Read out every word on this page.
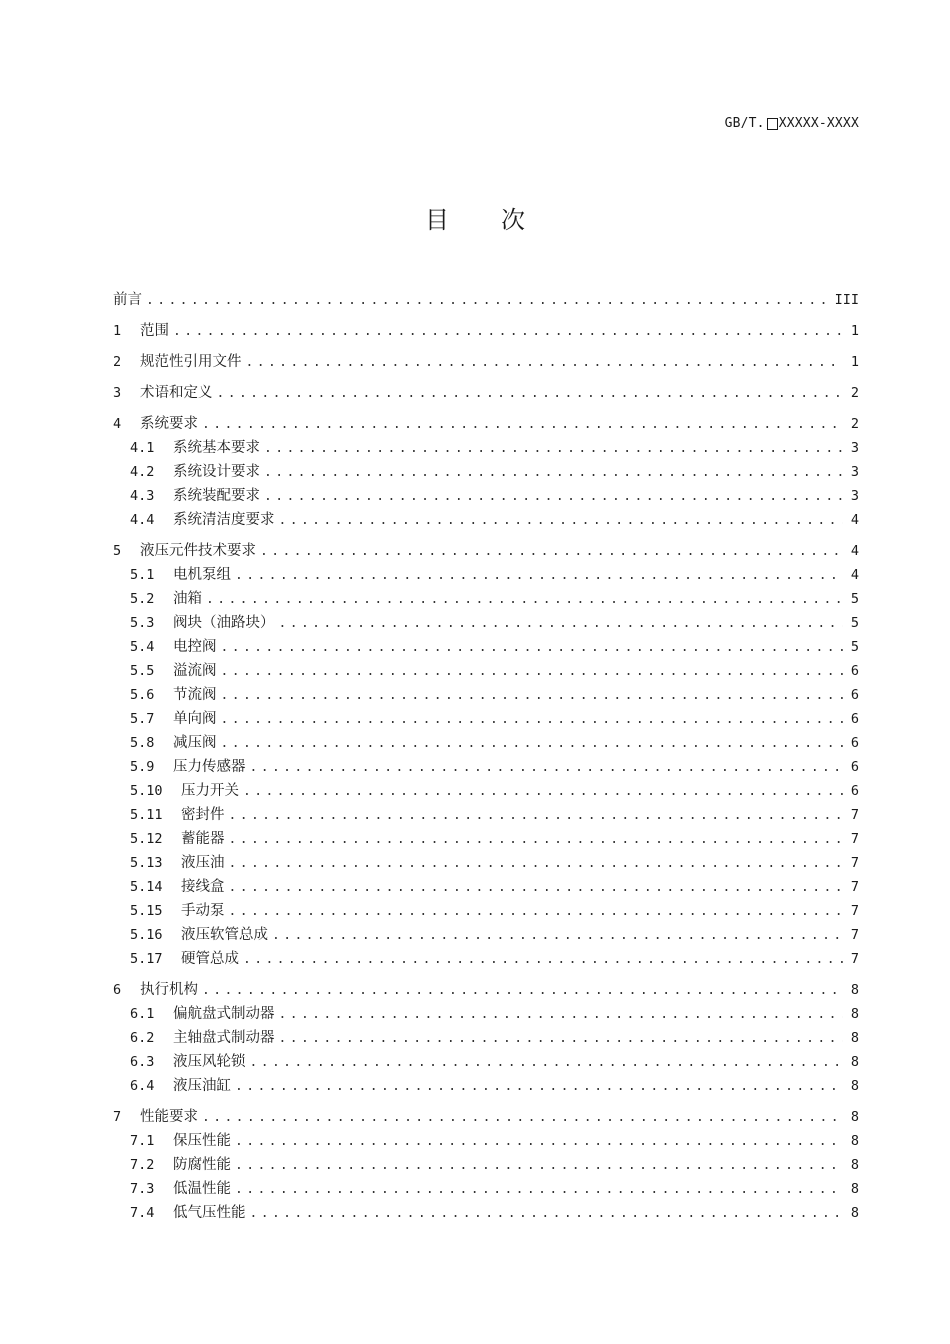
GB/T. XXXXX-XXXX
目 次
前言 .....	III
1	范围 .....	1
2	规范性引用文件 .....	1
3	术语和定义 .....	2
4	系统要求 .....	2
4.1	系统基本要求 .....	3
4.2	系统设计要求 .....	3
4.3	系统装配要求 .....	3
4.4	系统清洁度要求 .....	4
5	液压元件技术要求 .....	4
5.1	电机泵组 .....	4
5.2	油箱 .....	5
5.3	阀块（油路块） .....	5
5.4	电控阀 .....	5
5.5	溢流阀 .....	6
5.6	节流阀 .....	6
5.7	单向阀 .....	6
5.8	减压阀 .....	6
5.9	压力传感器 .....	6
5.10	压力开关 .....	6
5.11	密封件 .....	7
5.12	蓄能器 .....	7
5.13	液压油 .....	7
5.14	接线盒 .....	7
5.15	手动泵 .....	7
5.16	液压软管总成 .....	7
5.17	硬管总成 .....	7
6	执行机构 .....	8
6.1	偏航盘式制动器 .....	8
6.2	主轴盘式制动器 .....	8
6.3	液压风轮锁 .....	8
6.4	液压油缸 .....	8
7	性能要求 .....	8
7.1	保压性能 .....	8
7.2	防腐性能 .....	8
7.3	低温性能 .....	8
7.4	低气压性能 .....	8
